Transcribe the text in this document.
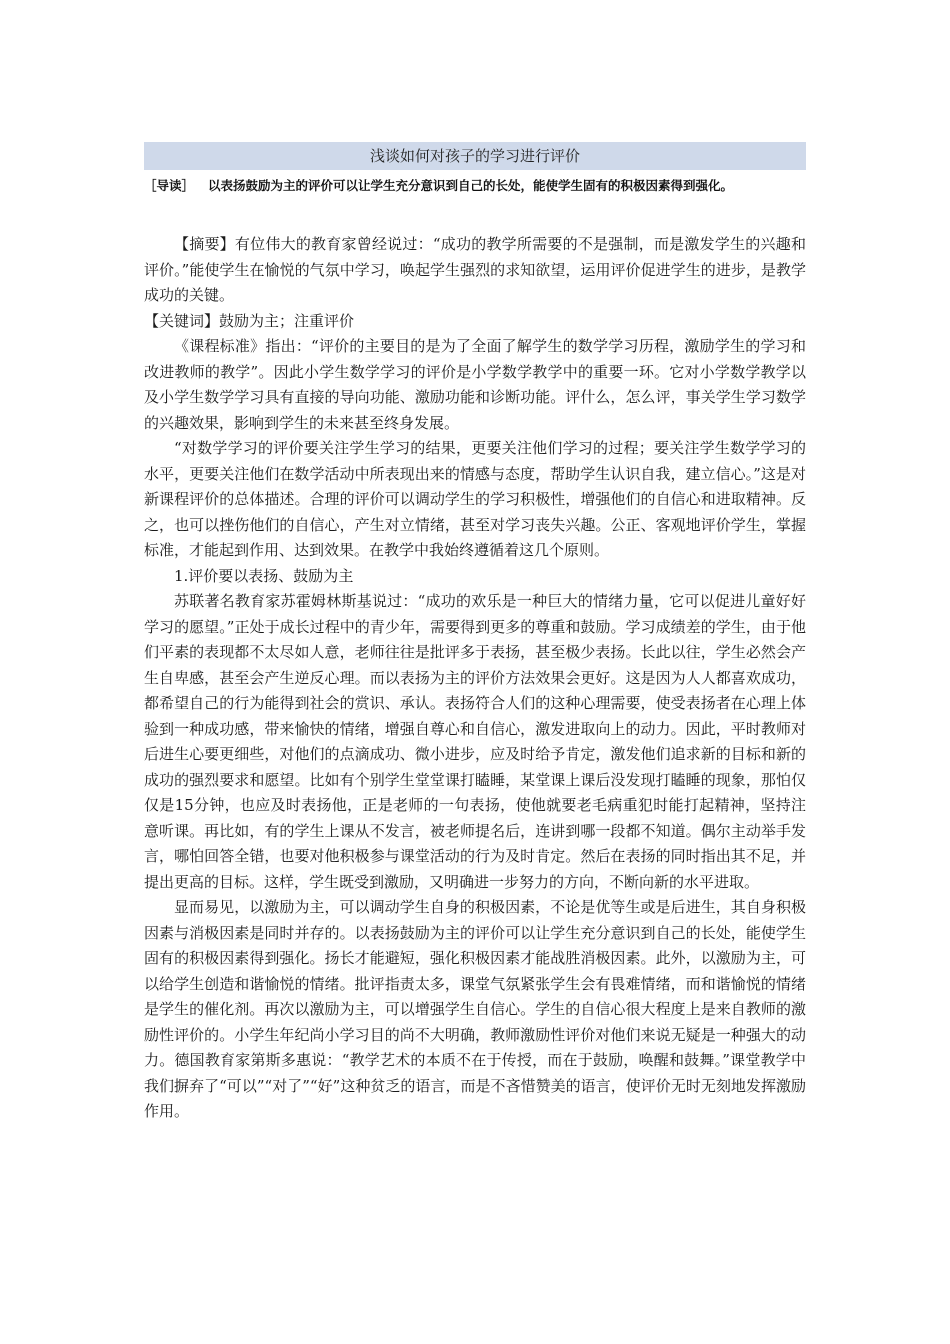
浅谈如何对孩子的学习进行评价
［导读］ 以表扬鼓励为主的评价可以让学生充分意识到自己的长处，能使学生固有的积极因素得到强化。

【摘要】有位伟大的教育家曾经说过：“成功的教学所需要的不是强制，而是激发学生的兴趣和评价。”能使学生在愉悦的气氛中学习，唤起学生强烈的求知欲望，运用评价促进学生的进步，是教学成功的关键。

【关键词】鼓励为主；注重评价

《课程标准》指出：“评价的主要目的是为了全面了解学生的数学学习历程，激励学生的学习和改进教师的教学”。因此小学生数学学习的评价是小学数学教学中的重要一环。它对小学数学教学以及小学生数学学习具有直接的导向功能、激励功能和诊断功能。评什么，怎么评，事关学生学习数学的兴趣效果，影响到学生的未来甚至终身发展。

“对数学学习的评价要关注学生学习的结果，更要关注他们学习的过程；要关注学生数学学习的水平，更要关注他们在数学活动中所表现出来的情感与态度，帮助学生认识自我，建立信心。”这是对新课程评价的总体描述。合理的评价可以调动学生的学习积极性，增强他们的自信心和进取精神。反之，也可以挫伤他们的自信心，产生对立情绪，甚至对学习丧失兴趣。公正、客观地评价学生，掌握标准，才能起到作用、达到效果。在教学中我始终遵循着这几个原则。

1.评价要以表扬、鼓励为主

苏联著名教育家苏霍姆林斯基说过：“成功的欢乐是一种巨大的情绪力量，它可以促进儿童好好学习的愿望。”正处于成长过程中的青少年，需要得到更多的尊重和鼓励。学习成绩差的学生，由于他们平素的表现都不太尽如人意，老师往往是批评多于表扬，甚至极少表扬。长此以往，学生必然会产生自卑感，甚至会产生逆反心理。而以表扬为主的评价方法效果会更好。这是因为人人都喜欢成功，都希望自己的行为能得到社会的赏识、承认。表扬符合人们的这种心理需要，使受表扬者在心理上体验到一种成功感，带来愉快的情绪，增强自尊心和自信心，激发进取向上的动力。因此，平时教师对后进生心要更细些，对他们的点滴成功、微小进步，应及时给予肯定，激发他们追求新的目标和新的成功的强烈要求和愿望。比如有个别学生堂堂课打瞌睡，某堂课上课后没发现打瞌睡的现象，那怕仅仅是15分钟，也应及时表扬他，正是老师的一句表扬，使他就要老毛病重犯时能打起精神，坚持注意听课。再比如，有的学生上课从不发言，被老师提名后，连讲到哪一段都不知道。偶尔主动举手发言，哪怕回答全错，也要对他积极参与课堂活动的行为及时肯定。然后在表扬的同时指出其不足，并提出更高的目标。这样，学生既受到激励，又明确进一步努力的方向，不断向新的水平进取。

显而易见，以激励为主，可以调动学生自身的积极因素，不论是优等生或是后进生，其自身积极因素与消极因素是同时并存的。以表扬鼓励为主的评价可以让学生充分意识到自己的长处，能使学生固有的积极因素得到强化。扬长才能避短，强化积极因素才能战胜消极因素。此外，以激励为主，可以给学生创造和谐愉悦的情绪。批评指责太多，课堂气氛紧张学生会有畏难情绪，而和谐愉悦的情绪是学生的催化剂。再次以激励为主，可以增强学生自信心。学生的自信心很大程度上是来自教师的激励性评价的。小学生年纪尚小学习目的尚不大明确，教师激励性评价对他们来说无疑是一种强大的动力。德国教育家第斯多惠说：“教学艺术的本质不在于传授，而在于鼓励，唤醒和鼓舞。”课堂教学中我们摒弃了“可以”“对了”“好”这种贫乏的语言，而是不吝惜赞美的语言，使评价无时无刻地发挥激励作用。
